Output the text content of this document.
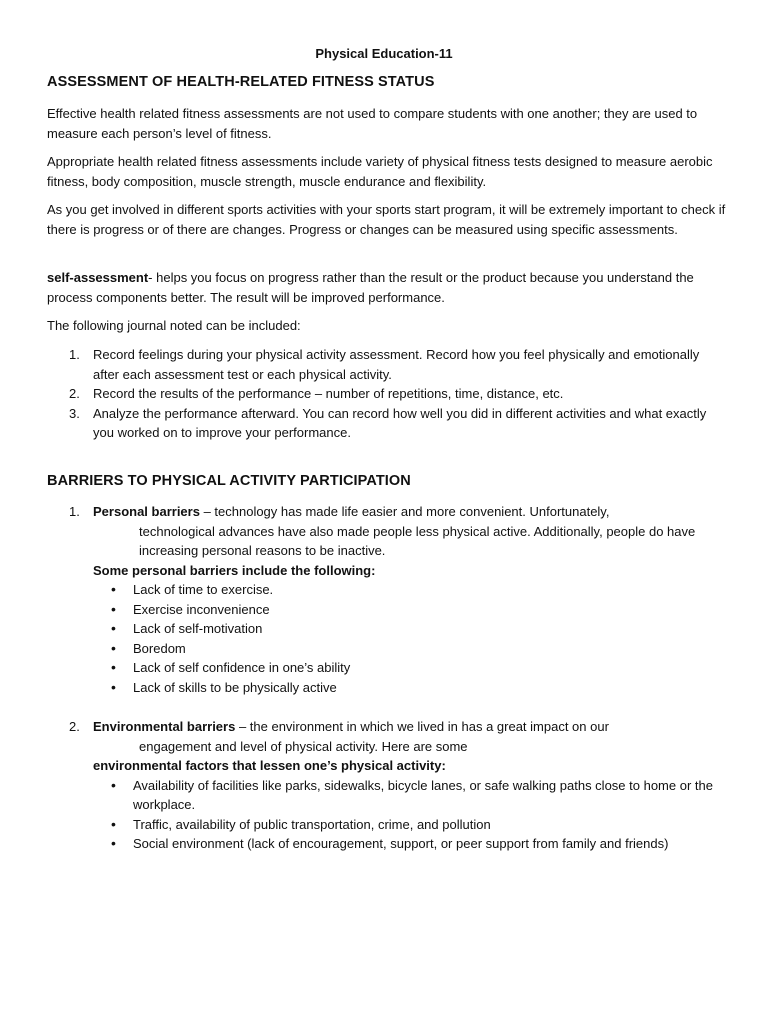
Physical Education-11
ASSESSMENT OF HEALTH-RELATED FITNESS STATUS

Effective health related fitness assessments are not used to compare students with one another; they are used to measure each person’s level of fitness.

Appropriate health related fitness assessments include variety of physical fitness tests designed to measure aerobic fitness, body composition, muscle strength, muscle endurance and flexibility.

As you get involved in different sports activities with your sports start program, it will be extremely important to check if there is progress or of there are changes. Progress or changes can be measured using specific assessments.

self-assessment- helps you focus on progress rather than the result or the product because you understand the process components better. The result will be improved performance.

The following journal noted can be included:

1. Record feelings during your physical activity assessment. Record how you feel physically and emotionally after each assessment test or each physical activity.
2. Record the results of the performance – number of repetitions, time, distance, etc.
3. Analyze the performance afterward. You can record how well you did in different activities and what exactly you worked on to improve your performance.
BARRIERS TO PHYSICAL ACTIVITY PARTICIPATION
1. Personal barriers – technology has made life easier and more convenient. Unfortunately,
technological advances have also made people less physical active. Additionally, people do have increasing personal reasons to be inactive.
Some personal barriers include the following:
• Lack of time to exercise.
• Exercise inconvenience
• Lack of self-motivation
• Boredom
• Lack of self confidence in one’s ability
• Lack of skills to be physically active
2. Environmental barriers – the environment in which we lived in has a great impact on our
engagement and level of physical activity. Here are some
environmental factors that lessen one’s physical activity:
• Availability of facilities like parks, sidewalks, bicycle lanes, or safe walking paths close to home or the workplace.
• Traffic, availability of public transportation, crime, and pollution
• Social environment (lack of encouragement, support, or peer support from family and friends)
